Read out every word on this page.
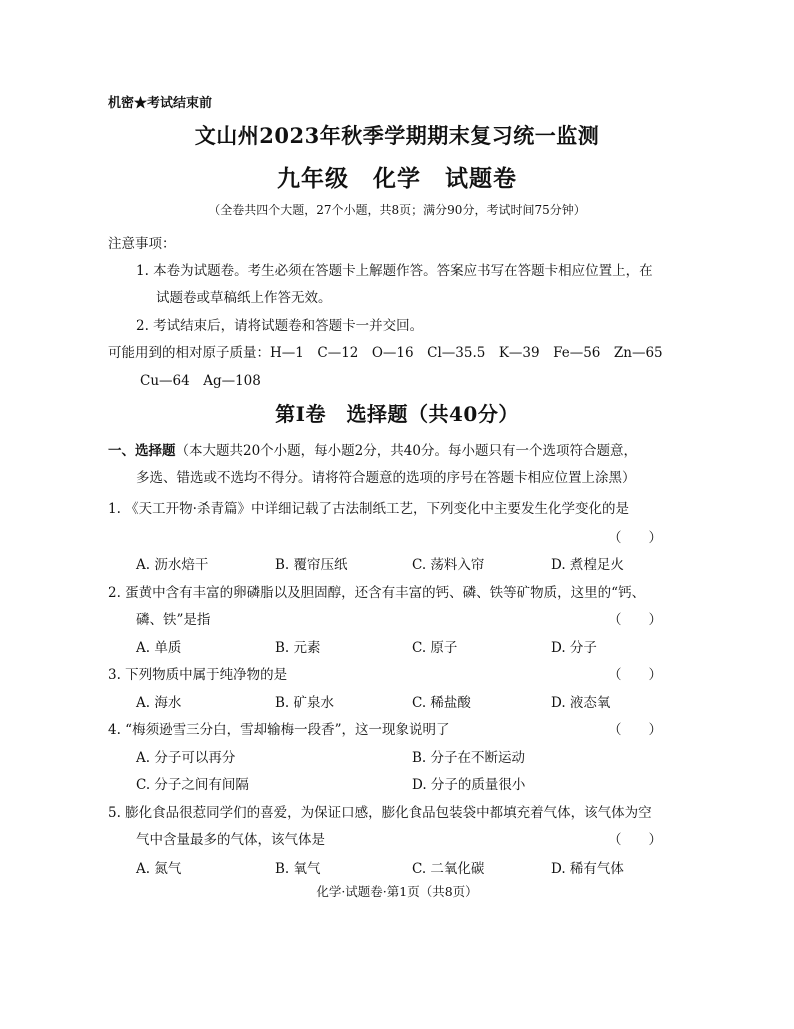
机密★考试结束前
文山州2023年秋季学期期末复习统一监测
九年级　化学　试题卷
（全卷共四个大题，27个小题，共8页；满分90分，考试时间75分钟）
注意事项：
1. 本卷为试题卷。考生必须在答题卡上解题作答。答案应书写在答题卡相应位置上，在
试题卷或草稿纸上作答无效。
2. 考试结束后，请将试题卷和答题卡一并交回。
可能用到的相对原子质量：H—1　C—12　O—16　Cl—35.5　K—39　Fe—56　Zn—65
Cu—64　Ag—108
第Ⅰ卷　选择题（共40分）
一、选择题（本大题共20个小题，每小题2分，共40分。每小题只有一个选项符合题意，
多选、错选或不选均不得分。请将符合题意的选项的序号在答题卡相应位置上涂黑）
1. 《天工开物·杀青篇》中详细记载了古法制纸工艺，下列变化中主要发生化学变化的是
（　　）
A. 沥水焙干	B. 覆帘压纸	C. 荡料入帘	D. 煮楻足火
2. 蛋黄中含有丰富的卵磷脂以及胆固醇，还含有丰富的钙、磷、铁等矿物质，这里的“钙、
磷、铁”是指	（　　）
A. 单质	B. 元素	C. 原子	D. 分子
3. 下列物质中属于纯净物的是	（　　）
A. 海水	B. 矿泉水	C. 稀盐酸	D. 液态氧
4. “梅须逊雪三分白，雪却输梅一段香”，这一现象说明了	（　　）
A. 分子可以再分	B. 分子在不断运动
C. 分子之间有间隔	D. 分子的质量很小
5. 膨化食品很惹同学们的喜爱，为保证口感，膨化食品包装袋中都填充着气体，该气体为空
气中含量最多的气体，该气体是	（　　）
A. 氮气	B. 氧气	C. 二氧化碳	D. 稀有气体
化学·试题卷·第1页（共8页）
